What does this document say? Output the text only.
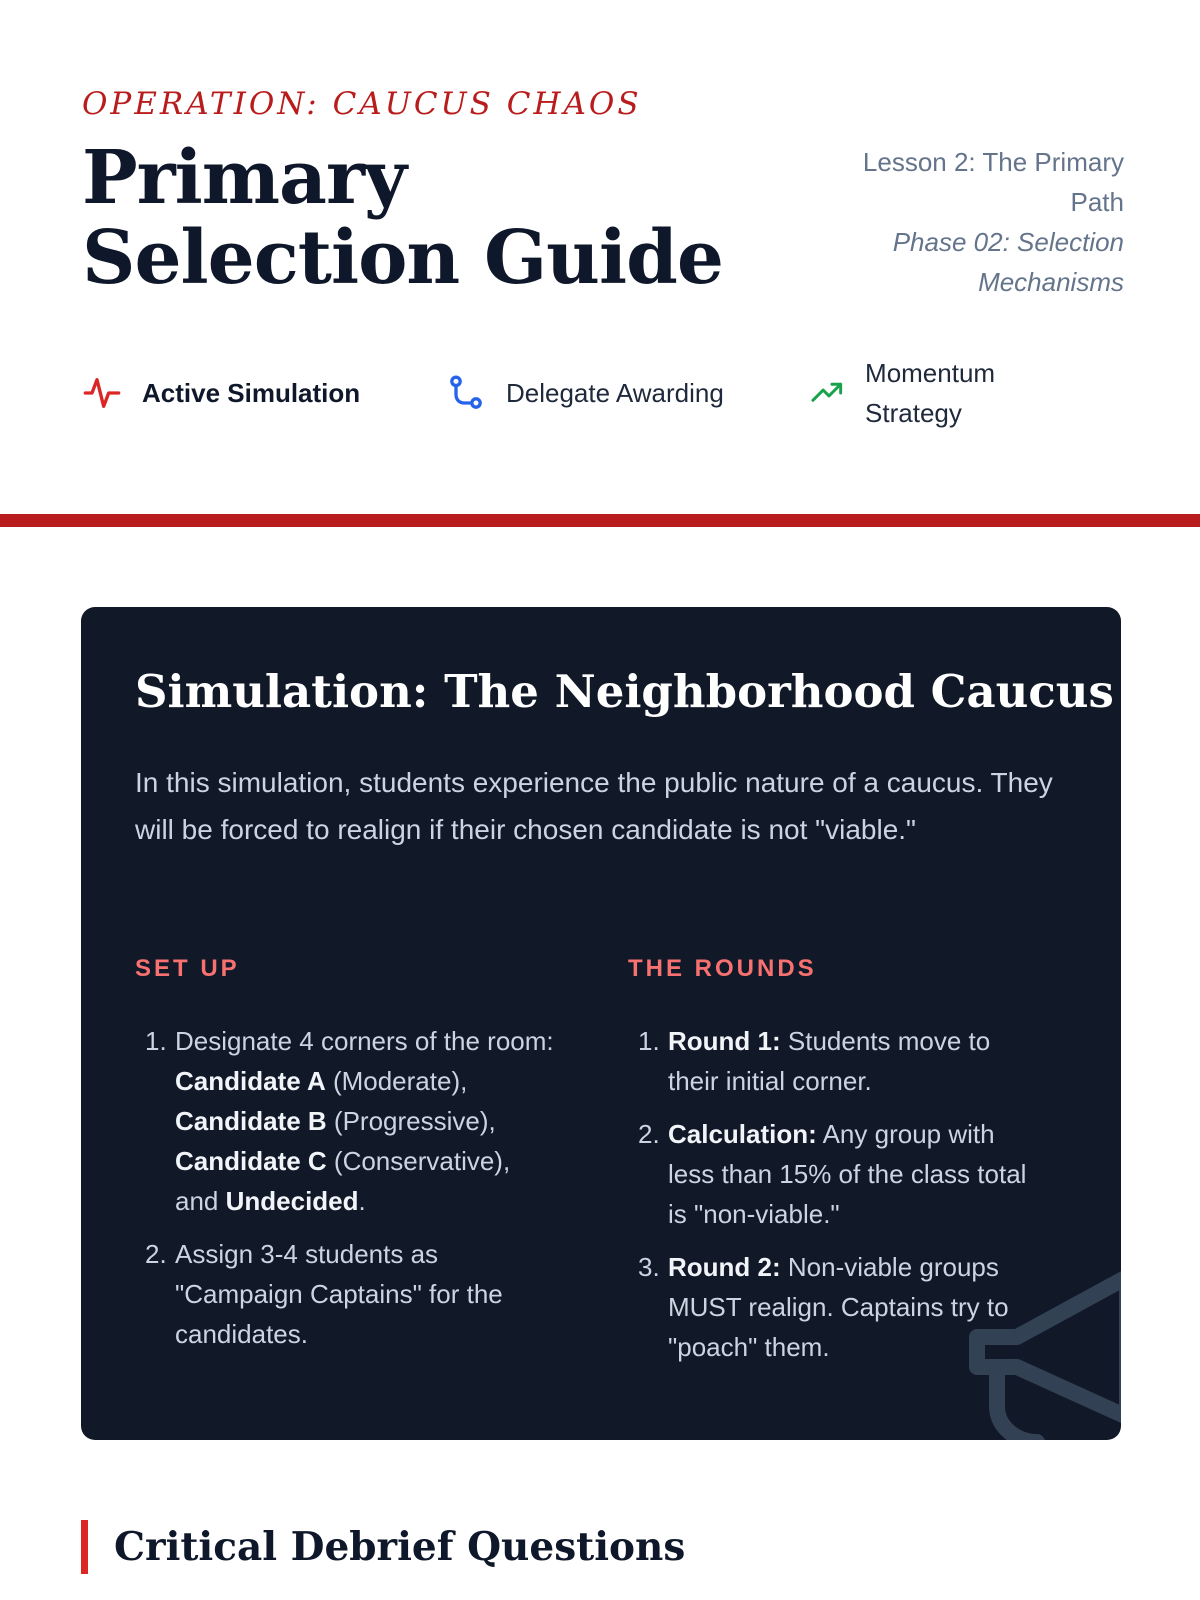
OPERATION: CAUCUS CHAOS
Primary Selection Guide
Lesson 2: The Primary Path
Phase 02: Selection Mechanisms
Active Simulation	Delegate Awarding
Momentum Strategy
Simulation: The Neighborhood Caucus

In this simulation, students experience the public nature of a caucus. They will be forced to realign if their chosen candidate is not "viable."

SET UP
1. Designate 4 corners of the room:
Candidate A (Moderate),
Candidate B (Progressive),
Candidate C (Conservative),
and Undecided.
2. Assign 3-4 students as "Campaign Captains" for the candidates.
THE ROUNDS
1. Round 1: Students move to their initial corner.
2. Calculation: Any group with less than 15% of the class total is "non-viable."
3. Round 2: Non-viable groups MUST realign. Captains try to "poach" them.
Critical Debrief Questions
